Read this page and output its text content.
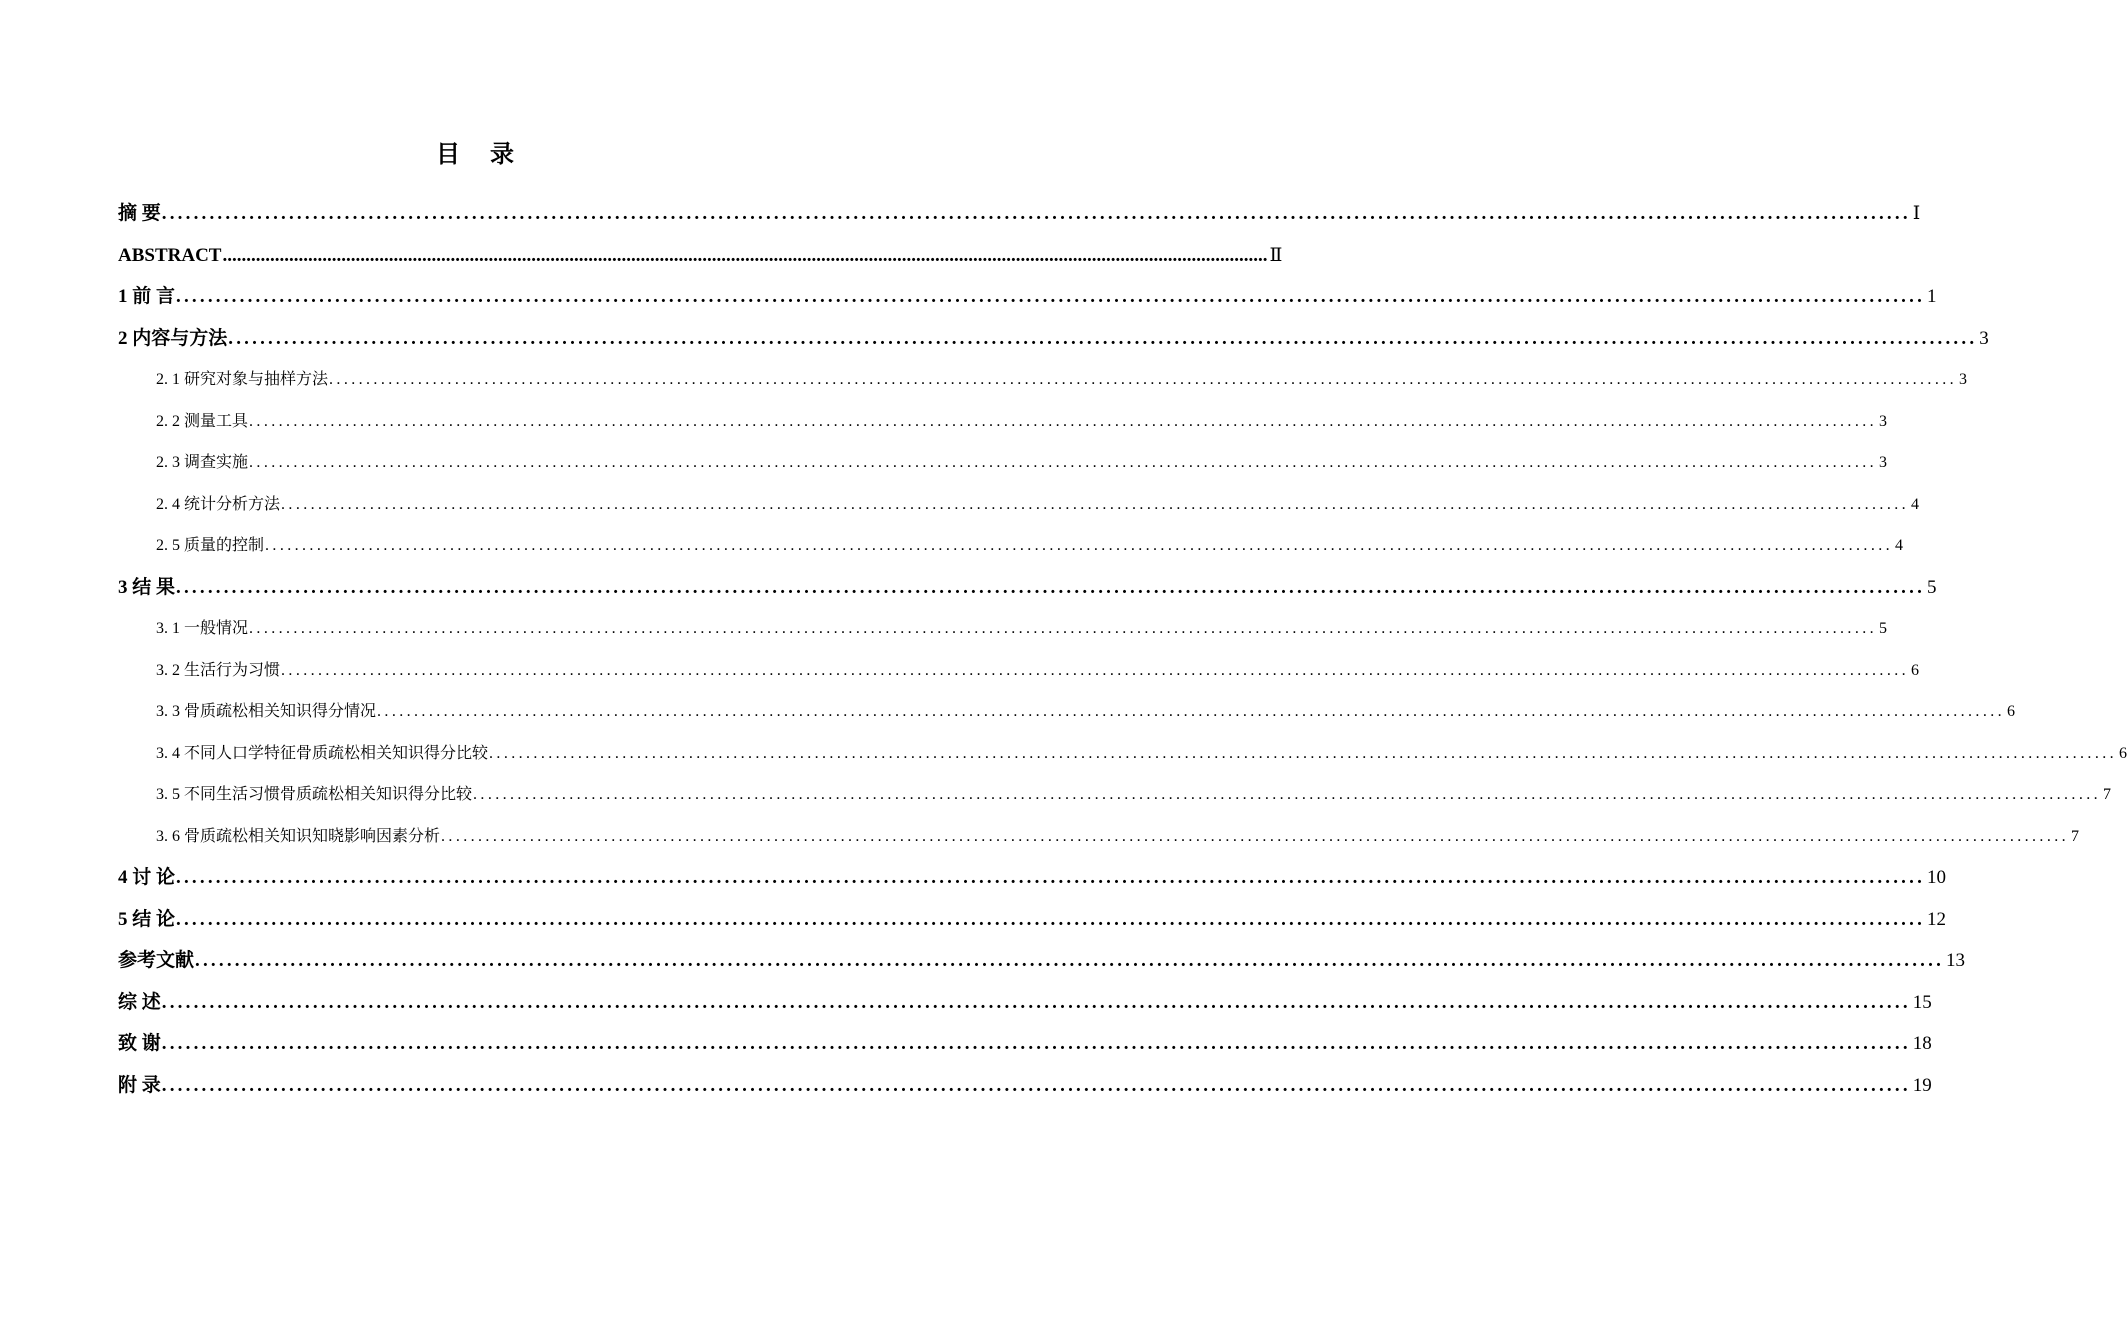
目 录
摘 要 ............................................................................................................................................................................................................................ Ⅰ
ABSTRACT ............................................................................................................................................................................................................................ Ⅱ
1 前 言 ............................................................................................................................................................................................................................ 1
2 内容与方法 ............................................................................................................................................................................................................................ 3
2. 1 研究对象与抽样方法 ............................................................................................................................................................................................................................ 3
2. 2 测量工具 ............................................................................................................................................................................................................................ 3
2. 3 调查实施 ............................................................................................................................................................................................................................ 3
2. 4 统计分析方法 ............................................................................................................................................................................................................................ 4
2. 5 质量的控制 ............................................................................................................................................................................................................................ 4
3 结 果 ............................................................................................................................................................................................................................ 5
3. 1 一般情况 ............................................................................................................................................................................................................................ 5
3. 2 生活行为习惯 ............................................................................................................................................................................................................................ 6
3. 3 骨质疏松相关知识得分情况 ............................................................................................................................................................................................................................ 6
3. 4 不同人口学特征骨质疏松相关知识得分比较 ............................................................................................................................................................................................................................ 6
3. 5 不同生活习惯骨质疏松相关知识得分比较 ............................................................................................................................................................................................................................ 7
3. 6 骨质疏松相关知识知晓影响因素分析 ............................................................................................................................................................................................................................ 7
4 讨 论 ............................................................................................................................................................................................................................ 10
5 结 论 ............................................................................................................................................................................................................................ 12
参考文献 ............................................................................................................................................................................................................................ 13
综 述 ............................................................................................................................................................................................................................ 15
致 谢 ............................................................................................................................................................................................................................ 18
附 录 ............................................................................................................................................................................................................................ 19
